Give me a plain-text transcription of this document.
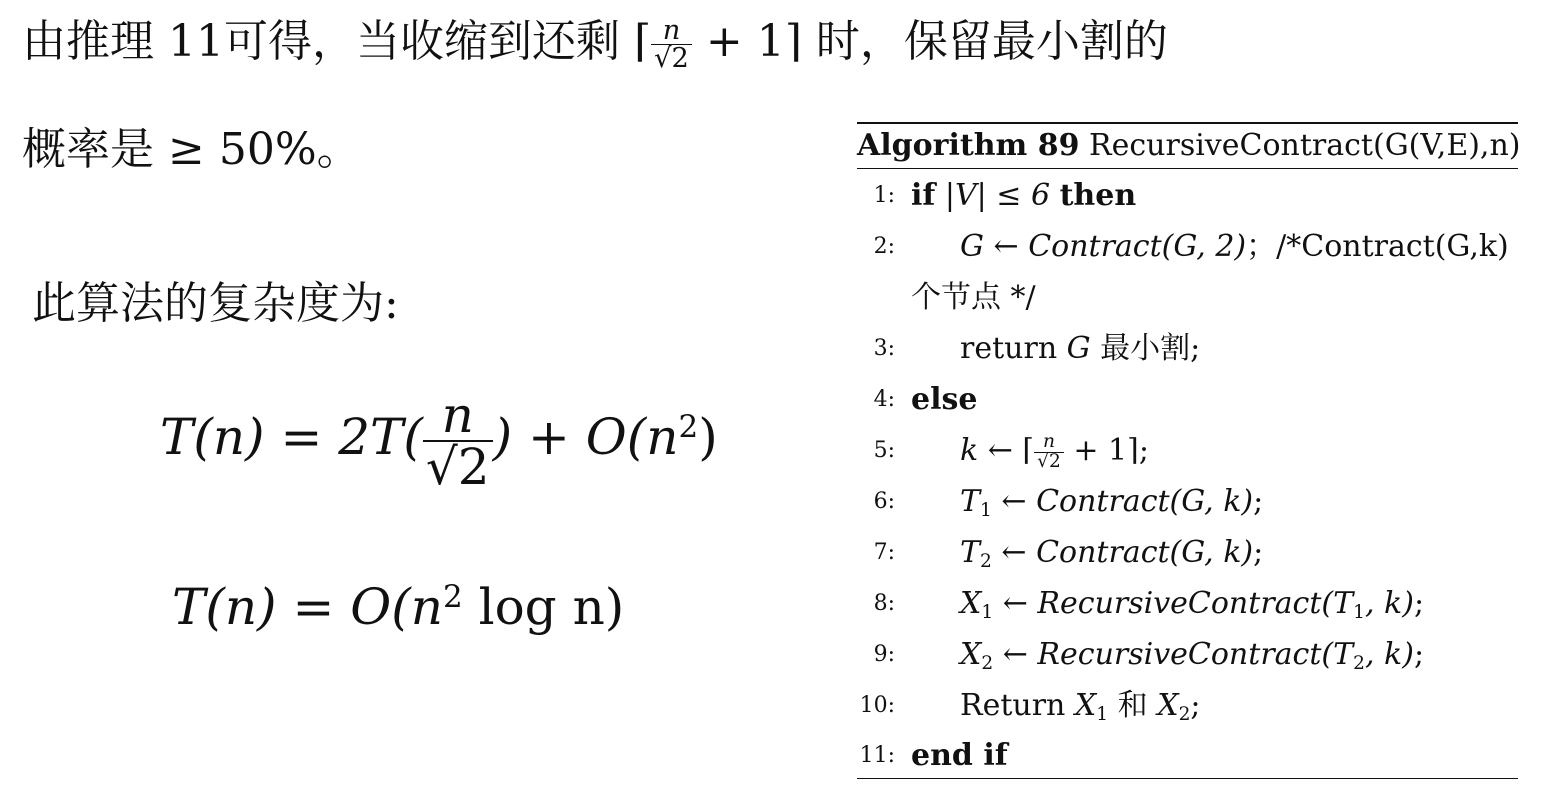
由推理 11可得，当收缩到还剩 ⌈ $\frac{n}{√2}$ + 1⌉ 时，保留最小割的
概率是 ≥ 50%。
此算法的复杂度为:
$T(n) = 2T( \frac{n}{√2}$ ) + $O(n^2)$
$T(n) = O(n^2$ log n)
Algorithm 89 RecursiveContract(G(V,E),n)
1: if |V| ≤ 6 then
2: G ← Contract(G, 2)；/*Contract(G,k)
个节点 */
3: return G 最小割;
4: else
5: k ← ⌈ $\frac{n}{√2}$ + 1⌉;
6: $T_1$ ← Contract(G, k);
7: $T_2$ ← Contract(G, k);
8: $X_1$ ← $RecursiveContract(T_1$, k);
9: $X_2$ ← $RecursiveContract(T_2$, k);
10: Return $X_1$ 和 $X_2$;
11: end if
